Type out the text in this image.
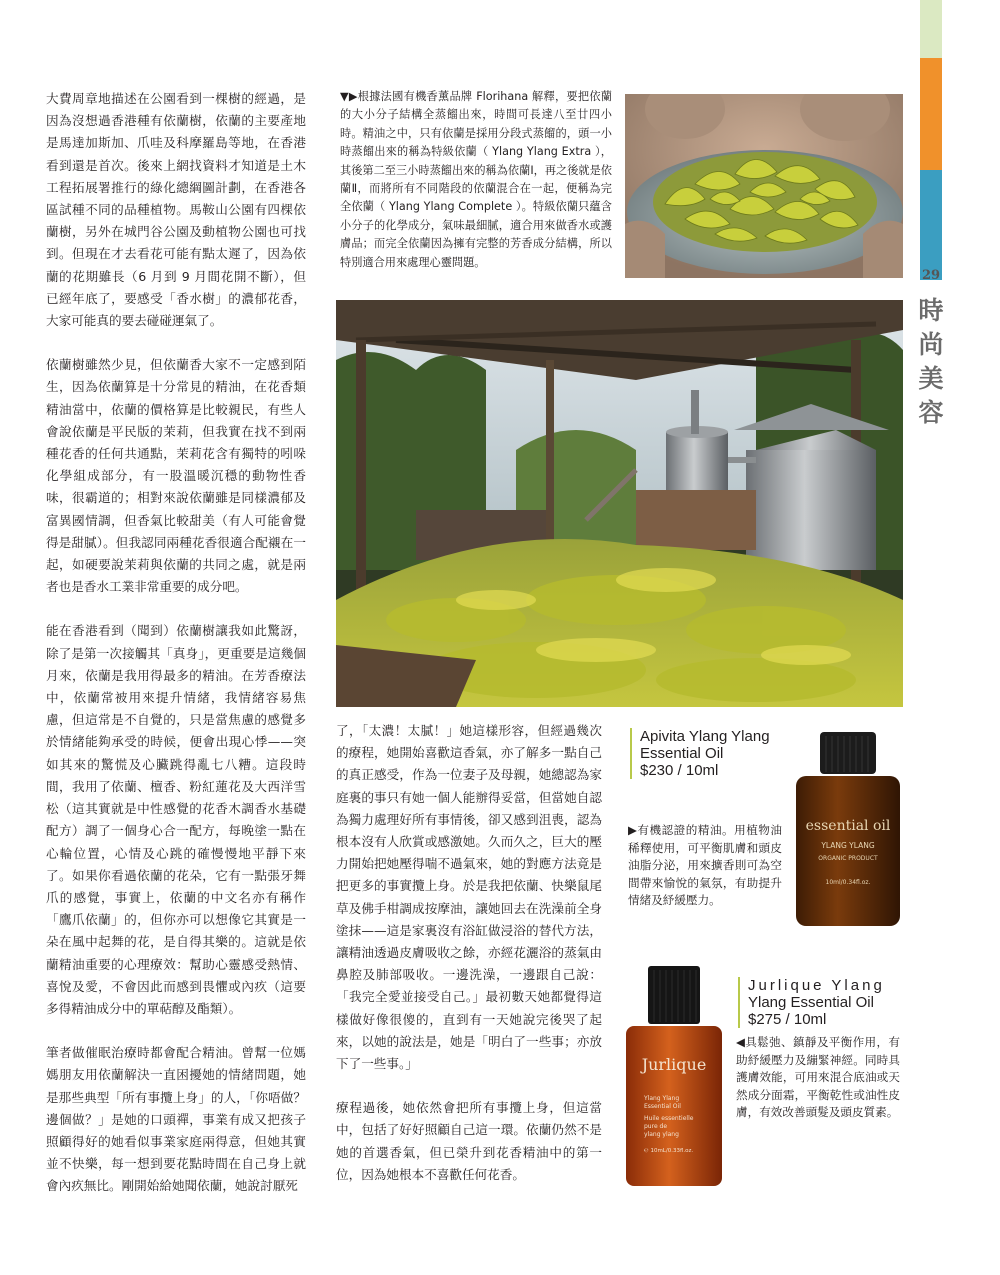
29
時
尚
美
容

大費周章地描述在公園看到一棵樹的經過，是因為沒想過香港種有依蘭樹，依蘭的主要產地是馬達加斯加、爪哇及科摩羅島等地，在香港看到還是首次。後來上網找資料才知道是土木工程拓展署推行的綠化總綱圖計劃，在香港各區試種不同的品種植物。馬鞍山公園有四棵依蘭樹，另外在城門谷公園及動植物公園也可找到。但現在才去看花可能有點太遲了，因為依蘭的花期雖長（6 月到 9 月間花開不斷），但已經年底了，要感受「香水樹」的濃郁花香，大家可能真的要去碰碰運氣了。

依蘭樹雖然少見，但依蘭香大家不一定感到陌生，因為依蘭算是十分常見的精油，在花香類精油當中，依蘭的價格算是比較親民，有些人會說依蘭是平民版的茉莉，但我實在找不到兩種花香的任何共通點，茉莉花含有獨特的吲哚化學組成部分，有一股溫暖沉穩的動物性香味，很霸道的；相對來說依蘭雖是同樣濃郁及富異國情調，但香氣比較甜美（有人可能會覺得是甜膩）。但我認同兩種花香很適合配襯在一起，如硬要說茉莉與依蘭的共同之處，就是兩者也是香水工業非常重要的成分吧。

能在香港看到（聞到）依蘭樹讓我如此驚訝，除了是第一次接觸其「真身」，更重要是這幾個月來，依蘭是我用得最多的精油。在芳香療法中，依蘭常被用來提升情緒，我情緒容易焦慮，但這常是不自覺的，只是當焦慮的感覺多於情緒能夠承受的時候，便會出現心悸——突如其來的驚慌及心臟跳得亂七八糟。這段時間，我用了依蘭、檀香、粉紅蓮花及大西洋雪松（這其實就是中性感覺的花香木調香水基礎配方）調了一個身心合一配方，每晚塗一點在心輪位置，心情及心跳的確慢慢地平靜下來了。如果你看過依蘭的花朵，它有一點張牙舞爪的感覺，事實上，依蘭的中文名亦有稱作「鷹爪依蘭」的，但你亦可以想像它其實是一朵在風中起舞的花，是自得其樂的。這就是依蘭精油重要的心理療效：幫助心靈感受熱情、喜悅及愛，不會因此而感到畏懼或內疚（這要多得精油成分中的單萜醇及酯類）。

筆者做催眠治療時都會配合精油。曾幫一位媽媽朋友用依蘭解決一直困擾她的情緒問題，她是那些典型「所有事攬上身」的人，「你唔做？邊個做？」是她的口頭禪，事業有成又把孩子照顧得好的她看似事業家庭兩得意，但她其實並不快樂，每一想到要花點時間在自己身上就會內疚無比。剛開始給她聞依蘭，她說討厭死

▼▶根據法國有機香薰品牌 Florihana 解釋，要把依蘭的大小分子結構全蒸餾出來，時間可長達八至廿四小時。精油之中，只有依蘭是採用分段式蒸餾的，頭一小時蒸餾出來的稱為特級依蘭（ Ylang Ylang Extra ），其後第二至三小時蒸餾出來的稱為依蘭Ⅰ，再之後就是依蘭Ⅱ，而將所有不同階段的依蘭混合在一起，便稱為完全依蘭（ Ylang Ylang Complete ）。特級依蘭只蘊含小分子的化學成分，氣味最細膩，適合用來做香水或護膚品；而完全依蘭因為擁有完整的芳香成分結構，所以特別適合用來處理心靈問題。

了，「太濃！太膩！」她這樣形容，但經過幾次的療程，她開始喜歡這香氣，亦了解多一點自己的真正感受，作為一位妻子及母親，她總認為家庭裏的事只有她一個人能辦得妥當，但當她自認為獨力處理好所有事情後，卻又感到沮喪，認為根本沒有人欣賞或感激她。久而久之，巨大的壓力開始把她壓得喘不過氣來，她的對應方法竟是把更多的事實攬上身。於是我把依蘭、快樂鼠尾草及佛手柑調成按摩油，讓她回去在洗澡前全身塗抹——這是家裏沒有浴缸做浸浴的替代方法，讓精油透過皮膚吸收之餘，亦經花灑浴的蒸氣由鼻腔及肺部吸收。一邊洗澡，一邊跟自己說：「我完全愛並接受自己。」最初數天她都覺得這樣做好像很傻的，直到有一天她說完後哭了起來，以她的說法是，她是「明白了一些事；亦放下了一些事。」

療程過後，她依然會把所有事攬上身，但這當中，包括了好好照顧自己這一環。依蘭仍然不是她的首選香氣，但已榮升到花香精油中的第一位，因為她根本不喜歡任何花香。

Apivita Ylang Ylang
Essential Oil
$230 / 10ml
▶有機認證的精油。用植物油稀釋使用，可平衡肌膚和頭皮油脂分泌，用來擴香則可為空間帶來愉悅的氣氛，有助提升情緒及紓緩壓力。
essential oil
YLANG YLANG
ORGANIC PRODUCT
10ml/0.34fl.oz.
Jurlique Ylang
Ylang Essential Oil
$275 / 10ml
◀具鬆弛、鎮靜及平衡作用，有助紓緩壓力及繃緊神經。同時具護膚效能，可用來混合底油或天然成分面霜，平衡乾性或油性皮膚，有效改善頭髮及頭皮質素。
Jurlique
Ylang Ylang
Essential Oil
Huile essentielle
pure de
ylang ylang
℮ 10mL/0.33fl.oz.
